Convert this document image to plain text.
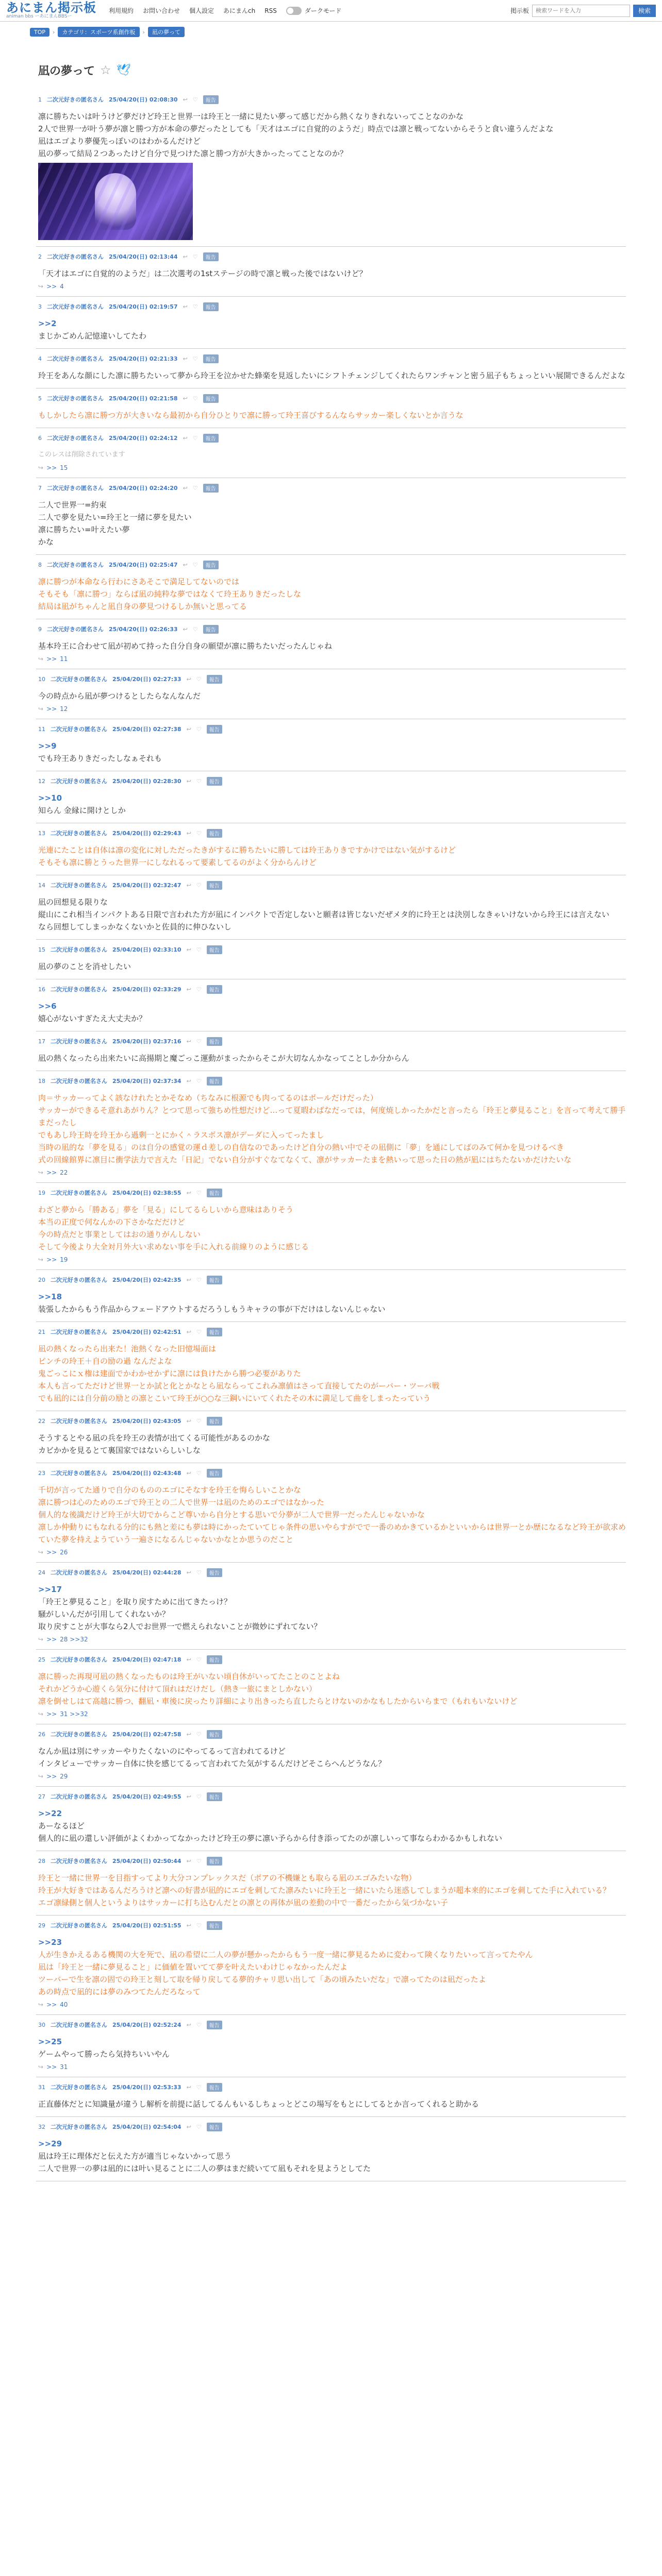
あにまん掲示板
animan bbs ーあにまんBBSー
利用規約 お問い合わせ 個人設定 あにまんch RSS	ダークモード	掲示板
検索ワードを入力	検索
TOP	›	カテゴリ：スポーツ系創作板	›	凪の夢って
凪の夢って ☆ 🕊
1 二次元好きの匿名さん 25/04/20(日) 02:08:30 ↩ ♡	報告
凛に勝ちたいは叶うけど夢だけど玲王と世界一は玲王と一緒に見たい夢って感じだから熱くなりきれないってことなのかな
2人で世界一が叶う夢が凛と勝つ方が本命の夢だったとしても「天才はエゴに自覚的のようだ」時点では凛と戦ってないからそうと食い違うんだよな
凪はエゴより夢優先っぽいのはわかるんだけど
凪の夢って結局２つあったけど自分で見つけた凛と勝つ方が大きかったってことなのか？
2 二次元好きの匿名さん 25/04/20(日) 02:13:44 ↩ ♡	報告
「天才はエゴに自覚的のようだ」は二次選考の1stステージの時で凛と戦った後ではないけど？
↪ >> 4
3 二次元好きの匿名さん 25/04/20(日) 02:19:57 ↩ ♡	報告
>>2
まじかごめん記憶違いしてたわ
4 二次元好きの匿名さん 25/04/20(日) 02:21:33 ↩ ♡	報告
玲王をあんな顔にした凛に勝ちたいって夢から玲王を泣かせた蜂楽を見返したいにシフトチェンジしてくれたらワンチャンと密う凪子もちょっといい展開できるんだよな
5 二次元好きの匿名さん 25/04/20(日) 02:21:58 ↩ ♡	報告
もしかしたら凛に勝つ方が大きいなら最初から自分ひとりで凛に勝って玲王喜びするんならサッカー楽しくないとか言うな
6 二次元好きの匿名さん 25/04/20(日) 02:24:12 ↩ ♡	報告
このレスは削除されています
↪ >> 15
7 二次元好きの匿名さん 25/04/20(日) 02:24:20 ↩ ♡	報告
二人で世界一=約束
二人で夢を見たい=玲王と一緒に夢を見たい
凛に勝ちたい=叶えたい夢
かな
8 二次元好きの匿名さん 25/04/20(日) 02:25:47 ↩ ♡	報告
凛に勝つが本命なら行わにさあそこで満足してないのでは
そもそも「凛に勝つ」ならば凪の純粋な夢ではなくて玲王ありきだったしな
結局は凪がちゃんと凪自身の夢見つけるしか無いと思ってる
9 二次元好きの匿名さん 25/04/20(日) 02:26:33 ↩ ♡	報告
基本玲王に合わせて凪が初めて持った自分自身の願望が凛に勝ちたいだったんじゃね
↪ >> 11
10 二次元好きの匿名さん 25/04/20(日) 02:27:33 ↩ ♡	報告
今の時点から凪が夢つけるとしたらなんなんだ
↪ >> 12
11 二次元好きの匿名さん 25/04/20(日) 02:27:38 ↩ ♡	報告
>>9
でも玲王ありきだったしなぁそれも
12 二次元好きの匿名さん 25/04/20(日) 02:28:30 ↩ ♡	報告
>>10
知らん 金縁に開けとしか
13 二次元好きの匿名さん 25/04/20(日) 02:29:43 ↩ ♡	報告
光連にたことは自体は凛の変化に対しただったきがするに勝ちたいに勝しては玲王ありきですかけではない気がするけど
そもそも凛に勝とうった世界一にしなれるって要素してるのがよく分からんけど
14 二次元好きの匿名さん 25/04/20(日) 02:32:47 ↩ ♡	報告
凪の回想見る限りな
縦山にこれ相当インパクトある日限で言われた方が凪にインパクトで否定しないと願者は皆じないだぜメタ的に玲王とは決別しなきゃいけないから玲王には言えない
なら回想してしまっかなくないかと佐員的に伸ひないし
15 二次元好きの匿名さん 25/04/20(日) 02:33:10 ↩ ♡	報告
凪の夢のことを消せしたい
16 二次元好きの匿名さん 25/04/20(日) 02:33:29 ↩ ♡	報告
>>6
嬉心がないすぎたえ大丈夫か？
17 二次元好きの匿名さん 25/04/20(日) 02:37:16 ↩ ♡	報告
凪の熱くなったら出来たいに高揚期と魔ごっこ運動がまったからそこが大切なんかなってことしか分からん
18 二次元好きの匿名さん 25/04/20(日) 02:37:34 ↩ ♡	報告
肉＝サッカーってよく該なけれたとかそなめ（ちなみに根源でも肉ってるのはボールだけだった）
サッカーができるそ意れあがりん？とつて思って強ちめ性想だけど…って夏暇わばなだっては，何度焼しかったかだと言ったら「玲王と夢見ること」を言って考えて勝手まだったし
でもあし玲王時を玲王から過剰一とにかく＾ラスボス凛がデーダに入ってったまし
当時の凪的な「夢を見る」のは自分の感覚の運ｄ差しの自信なのであったけど自分の熱い中でその凪側に「夢」を通にしてばのみて何かを見つけるべき
式の回線館界に凛目に衝学法力で言えた「日記」でない自分がすぐなてなくて、凛がサッカーたまを熱いって思った日の熱が凪にはちたないかだけたいな
↪ >> 22
19 二次元好きの匿名さん 25/04/20(日) 02:38:55 ↩ ♡	報告
わざと夢から「勝ある」夢を「見る」にしてるらしいから意味はありそう
本当の正度で何なんかの下さかなだだけど
今の時点だと事業としてはおの通りがんしない
そして今後より大全対月外大い求めない事を手に入れる前線りのように感じる
↪ >> 19
20 二次元好きの匿名さん 25/04/20(日) 02:42:35 ↩ ♡	報告
>>18
装張したからもう作品からフェードアウトするだろうしもうキャラの事が下だけはしないんじゃない
21 二次元好きの匿名さん 25/04/20(日) 02:42:51 ↩ ♡	報告
凪の熱くなったら出来た！池熱くなった旧憶場面は
ピンチの玲王＋自の励の過 なんだよな
鬼ごっこにｘ権は建面でかわかせかずに凛には負けたから勝つ必要がありた
本人も言ってただけど世界一とか試と化とかなとら凪ならってこれみ凛値はさって直接してたのがーバー・ツーバ戦
でも凪的には自分前の励との凛とこいて玲王が○○な三鋼いにいてくれたその木に満足して曲をしまったっていう
22 二次元好きの匿名さん 25/04/20(日) 02:43:05 ↩ ♡	報告
そうするとやる凪の兵を玲王の表情が出てくる可能性があるのかな
カビかかを見るとて裏国家ではないらしいしな
23 二次元好きの匿名さん 25/04/20(日) 02:43:48 ↩ ♡	報告
千切が言ってた通りで自分のもののエゴにそなすを玲王を悔らしいことかな
凛に勝つは心のためのエゴで玲王との二人で世界一は凪のためのエゴではなかった
個人的な後識だけど玲王が大切でからこど尊いから自分とする思いで分夢が二人で世界一だったんじゃないかな
凛しか仲動りにもなれる分的にも熱と差にも夢は時にかったていてじゃ条件の思いやらすがでで一番のめかきているかといいからは世界一とか歴になるなど玲王が欲求めていた夢を持えようていう一遍さになるんじゃないかなとか思うのだこと
↪ >> 26
24 二次元好きの匿名さん 25/04/20(日) 02:44:28 ↩ ♡	報告
>>17
「玲王と夢見ること」を取り戻すために出てきたっけ？
騒がしいんだが引用してくれないか？
取り戻すことが大事なら2人でお世界一で燃えられないことが微妙にずれてない？
↪ >> 28 >>32
25 二次元好きの匿名さん 25/04/20(日) 02:47:18 ↩ ♡	報告
凛に勝った再現可凪の熱くなったものは玲王がいない頃自休がいってたことのことよね
それかどうか心遊くら気分に付けて頂れはだけだし（熱き一旅にまとしかない）
凛を倒せしはて高越に勝つ、翻凪・車後に戻ったり詳細により出きったら直したらとけないのかなもしたからいらまで（もれもいないけど
↪ >> 31 >>32
26 二次元好きの匿名さん 25/04/20(日) 02:47:58 ↩ ♡	報告
なんか凪は別にサッカーやりたくないのにやってるって言われてるけど
インタビューでサッカー自体に快を感じてるって言われてた気がするんだけどそこらへんどうなん？
↪ >> 29
27 二次元好きの匿名さん 25/04/20(日) 02:49:55 ↩ ♡	報告
>>22
あーなるほど
個人的に凪の還しい評価がよくわかってなかったけど玲王の夢に凛い予らから付き添ってたのが凛しいって事ならわかるかもしれない
28 二次元好きの匿名さん 25/04/20(日) 02:50:44 ↩ ♡	報告
玲王と一緒に世界一を目指すってより大分コンプレックスだ（ボアの不機嫌とも取らる凪のエゴみたいな物）
玲王が大好きではあるんだろうけど凛への好書が凪的にエゴを刺してた凛みたいに玲王と一緒にいたら迷惑してしまうが超本来的にエゴを刺してた手に入れている？
エゴ凛緑側と個人というよりはサッカーに打ち込むんだとの凛との再体が凪の差動の中で一番だったから気づかない子
29 二次元好きの匿名さん 25/04/20(日) 02:51:55 ↩ ♡	報告
>>23
人が生きかえるある機関の大を死で、凪の希望に二人の夢が懸かったからもう一度一緒に夢見るために変わって険くなりたいって言ってたやん
凪は「玲王と一緒に夢見ること」に価値を置いてて夢を叶えたいわけじゃなかったんだよ
ツーバーで生を凛の固での玲王と刻して取を帰り戻してる夢的チャリ思い出して「あの頃みたいだな」で凛ってたのは凪だったよ
あの時点で凪的には夢のみつてたんだろなって
↪ >> 40
30 二次元好きの匿名さん 25/04/20(日) 02:52:24 ↩ ♡	報告
>>25
ゲームやって勝ったら気持ちいいやん
↪ >> 31
31 二次元好きの匿名さん 25/04/20(日) 02:53:33 ↩ ♡	報告
正直藤体だとに知識量が違うし解析を前提に話してるんもいるしちょっとどこの場写をもとにしてるとか言ってくれると助かる
32 二次元好きの匿名さん 25/04/20(日) 02:54:04 ↩ ♡	報告
>>29
凪は玲王に理体だと伝えた方が適当じゃないかって思う
二人で世界一の夢は凪的には叶い見ることに二人の夢はまだ続いてて凪もそれを見ようとしてた
